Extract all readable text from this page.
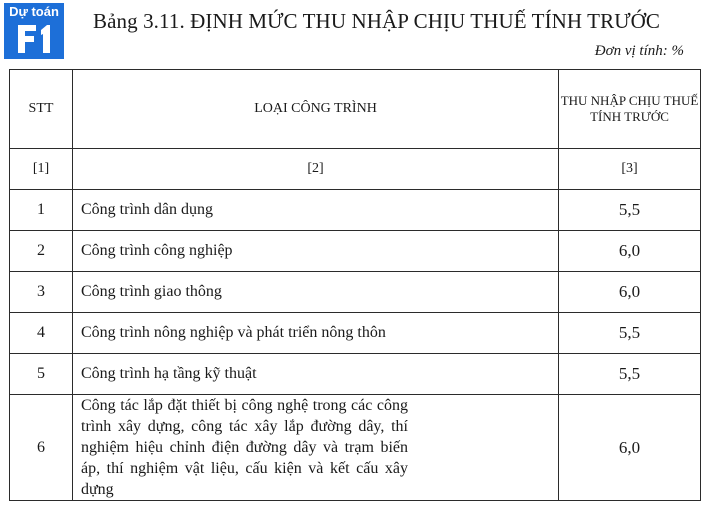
Dự toán Bảng 3.11. ĐỊNH MỨC THU NHẬP CHỊU THUẾ TÍNH TRƯỚC
Đơn vị tính: %
STT	LOẠI CÔNG TRÌNH	THU NHẬP CHỊU THUẾ TÍNH TRƯỚC
[1]	[2]	[3]
1	Công trình dân dụng	5,5
2	Công trình công nghiệp	6,0
3	Công trình giao thông	6,0
4	Công trình nông nghiệp và phát triển nông thôn	5,5
5	Công trình hạ tầng kỹ thuật	5,5
6	Công tác lắp đặt thiết bị công nghệ trong các công trình xây dựng, công tác xây lắp đường dây, thí nghiệm hiệu chỉnh điện đường dây và trạm biến áp, thí nghiệm vật liệu, cấu kiện và kết cấu xây dựng	6,0
